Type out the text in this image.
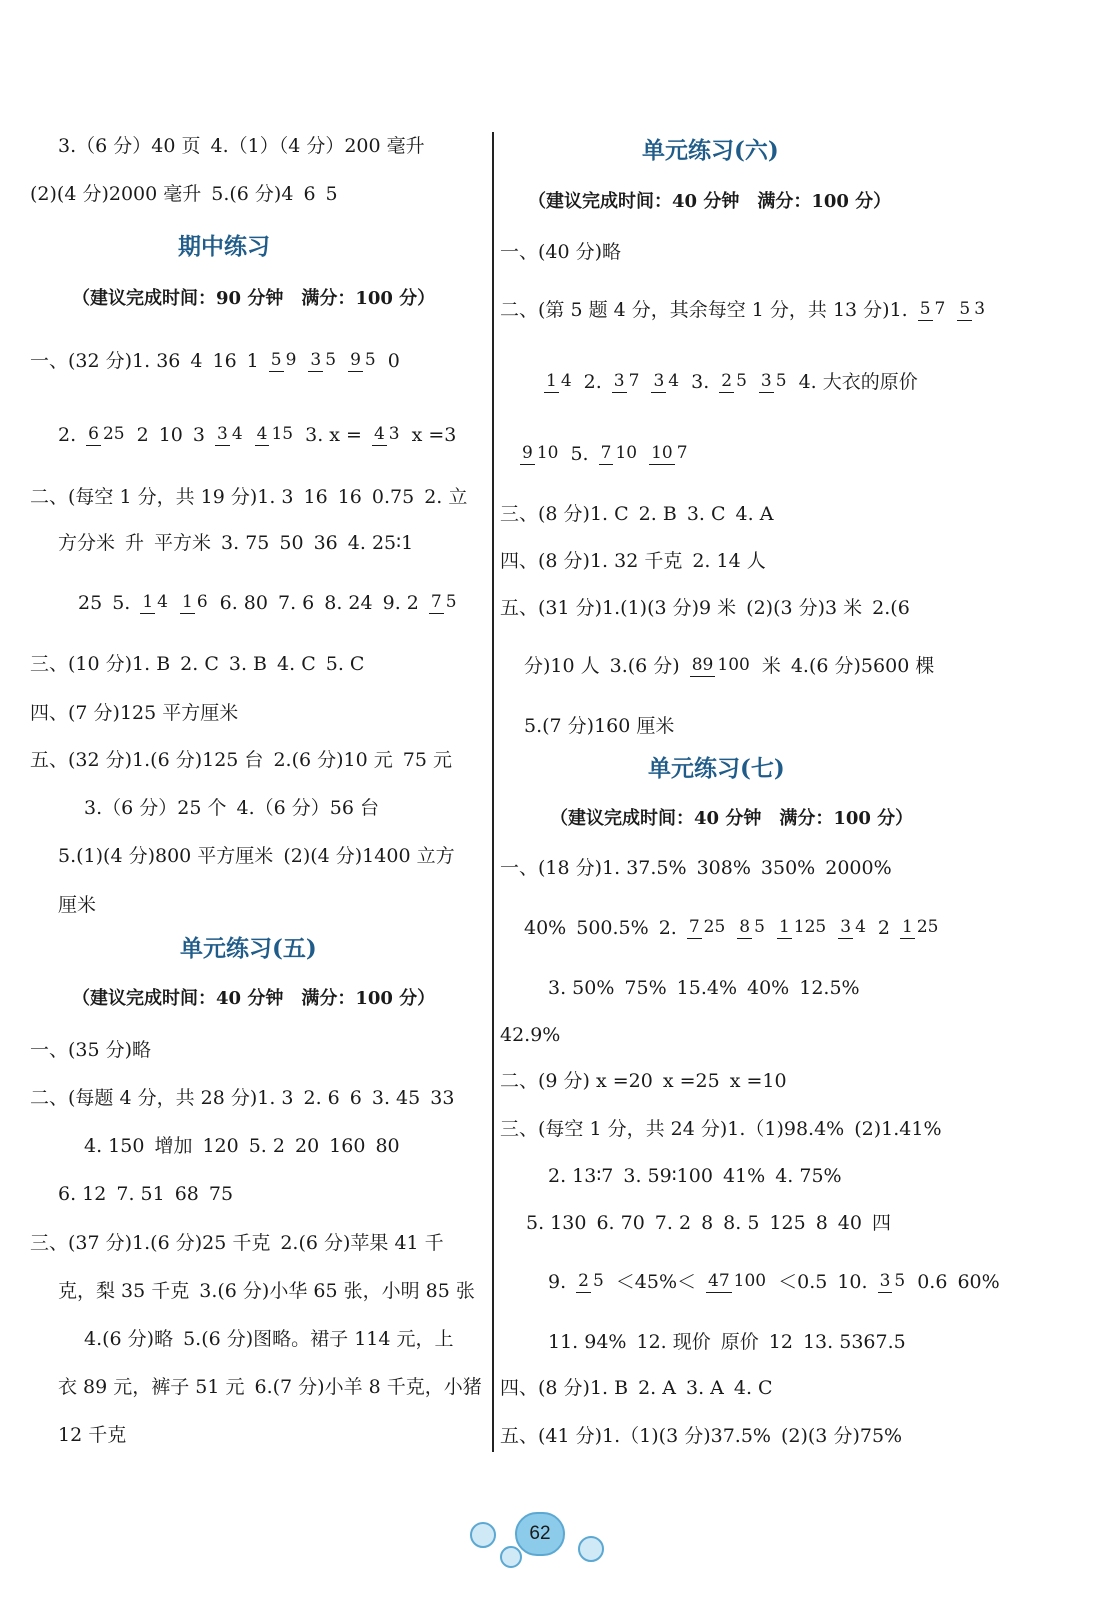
3.（6 分）40 页 4.（1）（4 分）200 毫升
(2)(4 分)2000 毫升 5.(6 分)4 6 5
期中练习
（建议完成时间：90 分钟　满分：100 分）
一、(32 分)1. 36 4 16 1 5 9 3 5 9 5 0
2. 6 25 2 10 3 3 4 4 15 3. x = 4 3 x =3
二、(每空 1 分，共 19 分)1. 3 16 16 0.75 2. 立
方分米 升 平方米 3. 75 50 36 4. 25∶1
25 5. 1 4 1 6 6. 80 7. 6 8. 24 9. 2 7 5
三、(10 分)1. B 2. C 3. B 4. C 5. C
四、(7 分)125 平方厘米
五、(32 分)1.(6 分)125 台 2.(6 分)10 元 75 元
3.（6 分）25 个 4.（6 分）56 台
5.(1)(4 分)800 平方厘米 (2)(4 分)1400 立方
厘米
单元练习(五)
（建议完成时间：40 分钟　满分：100 分）
一、(35 分)略
二、(每题 4 分，共 28 分)1. 3 2. 6 6 3. 45 33
4. 150 增加 120 5. 2 20 160 80
6. 12 7. 51 68 75
三、(37 分)1.(6 分)25 千克 2.(6 分)苹果 41 千
克，梨 35 千克 3.(6 分)小华 65 张，小明 85 张
4.(6 分)略 5.(6 分)图略。裙子 114 元，上
衣 89 元，裤子 51 元 6.(7 分)小羊 8 千克，小猪
12 千克
单元练习(六)
（建议完成时间：40 分钟　满分：100 分）
一、(40 分)略
二、(第 5 题 4 分，其余每空 1 分，共 13 分)1. 5 7 5 3
1 4 2. 3 7 3 4 3. 2 5 3 5 4. 大衣的原价
9 10 5. 7 10 10 7
三、(8 分)1. C 2. B 3. C 4. A
四、(8 分)1. 32 千克 2. 14 人
五、(31 分)1.(1)(3 分)9 米 (2)(3 分)3 米 2.(6
分)10 人 3.(6 分) 89 100 米 4.(6 分)5600 棵
5.(7 分)160 厘米
单元练习(七)
（建议完成时间：40 分钟　满分：100 分）
一、(18 分)1. 37.5% 308% 350% 2000%
40% 500.5% 2. 7 25 8 5 1 125 3 4 2 1 25
3. 50% 75% 15.4% 40% 12.5%
42.9%
二、(9 分) x =20 x =25 x =10
三、(每空 1 分，共 24 分)1.（1)98.4% (2)1.41%
2. 13∶7 3. 59∶100 41% 4. 75%
5. 130 6. 70 7. 2 8 8. 5 125 8 40 四
9. 2 5 ＜45%＜ 47 100 ＜0.5 10. 3 5 0.6 60%
11. 94% 12. 现价 原价 12 13. 5367.5
四、(8 分)1. B 2. A 3. A 4. C
五、(41 分)1.（1)(3 分)37.5% (2)(3 分)75%
62
